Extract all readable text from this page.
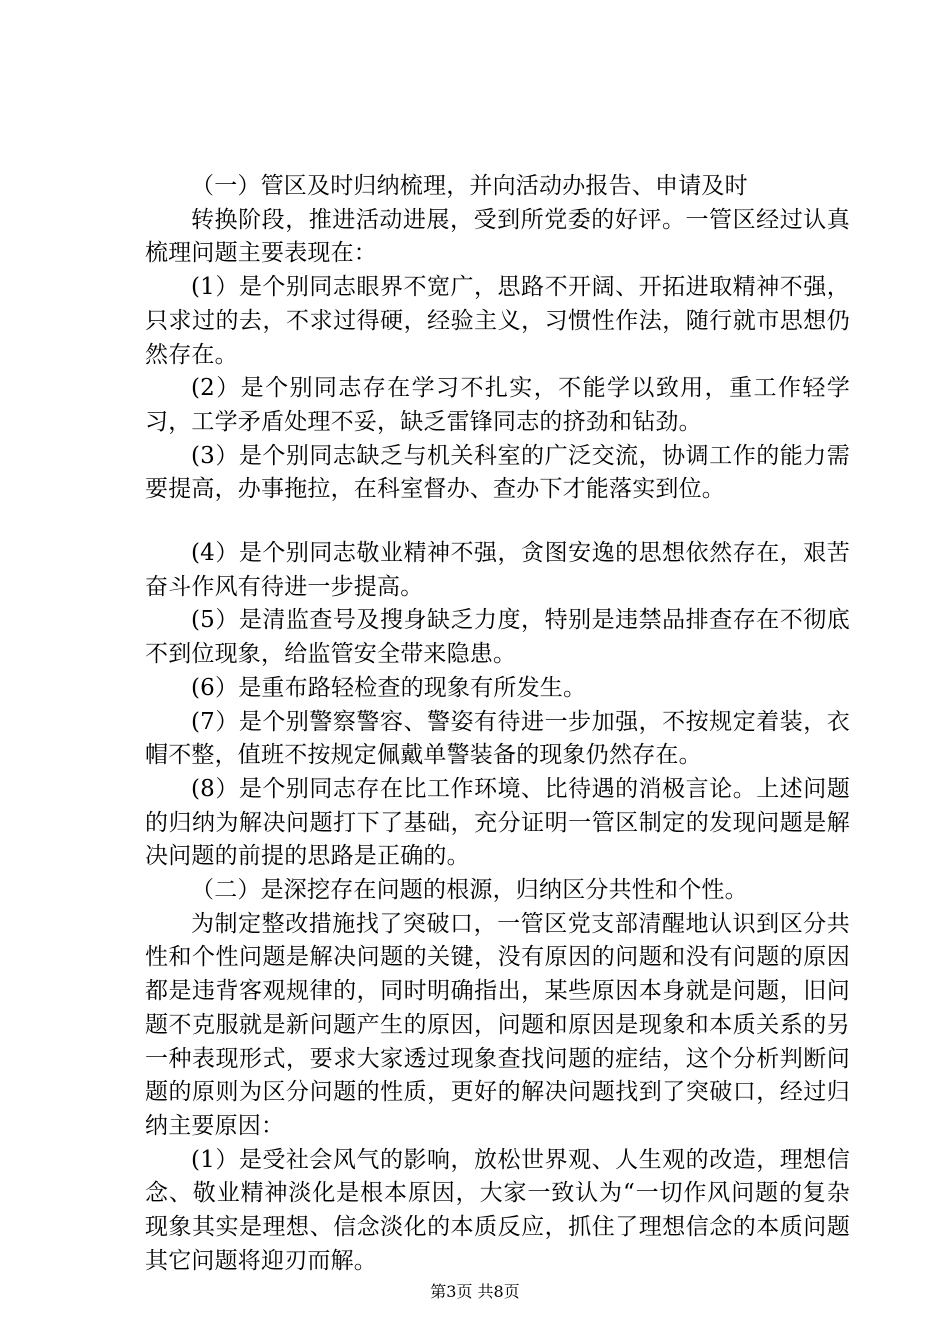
（一）管区及时归纳梳理，并向活动办报告、申请及时

转换阶段，推进活动进展，受到所党委的好评。一管区经过认真梳理问题主要表现在：

(1）是个别同志眼界不宽广，思路不开阔、开拓进取精神不强，只求过的去，不求过得硬，经验主义，习惯性作法，随行就市思想仍然存在。

(2）是个别同志存在学习不扎实，不能学以致用，重工作轻学习，工学矛盾处理不妥，缺乏雷锋同志的挤劲和钻劲。

(3）是个别同志缺乏与机关科室的广泛交流，协调工作的能力需要提高，办事拖拉，在科室督办、查办下才能落实到位。

(4）是个别同志敬业精神不强，贪图安逸的思想依然存在，艰苦奋斗作风有待进一步提高。

(5）是清监查号及搜身缺乏力度，特别是违禁品排查存在不彻底不到位现象，给监管安全带来隐患。

(6）是重布路轻检查的现象有所发生。

(7）是个别警察警容、警姿有待进一步加强，不按规定着装，衣帽不整，值班不按规定佩戴单警装备的现象仍然存在。

(8）是个别同志存在比工作环境、比待遇的消极言论。上述问题的归纳为解决问题打下了基础，充分证明一管区制定的发现问题是解决问题的前提的思路是正确的。

（二）是深挖存在问题的根源，归纳区分共性和个性。

为制定整改措施找了突破口，一管区党支部清醒地认识到区分共性和个性问题是解决问题的关键，没有原因的问题和没有问题的原因都是违背客观规律的，同时明确指出，某些原因本身就是问题，旧问题不克服就是新问题产生的原因，问题和原因是现象和本质关系的另一种表现形式，要求大家透过现象查找问题的症结，这个分析判断问题的原则为区分问题的性质，更好的解决问题找到了突破口，经过归纳主要原因：

(1）是受社会风气的影响，放松世界观、人生观的改造，理想信念、敬业精神淡化是根本原因，大家一致认为“一切作风问题的复杂现象其实是理想、信念淡化的本质反应，抓住了理想信念的本质问题其它问题将迎刃而解。

第3页 共8页
